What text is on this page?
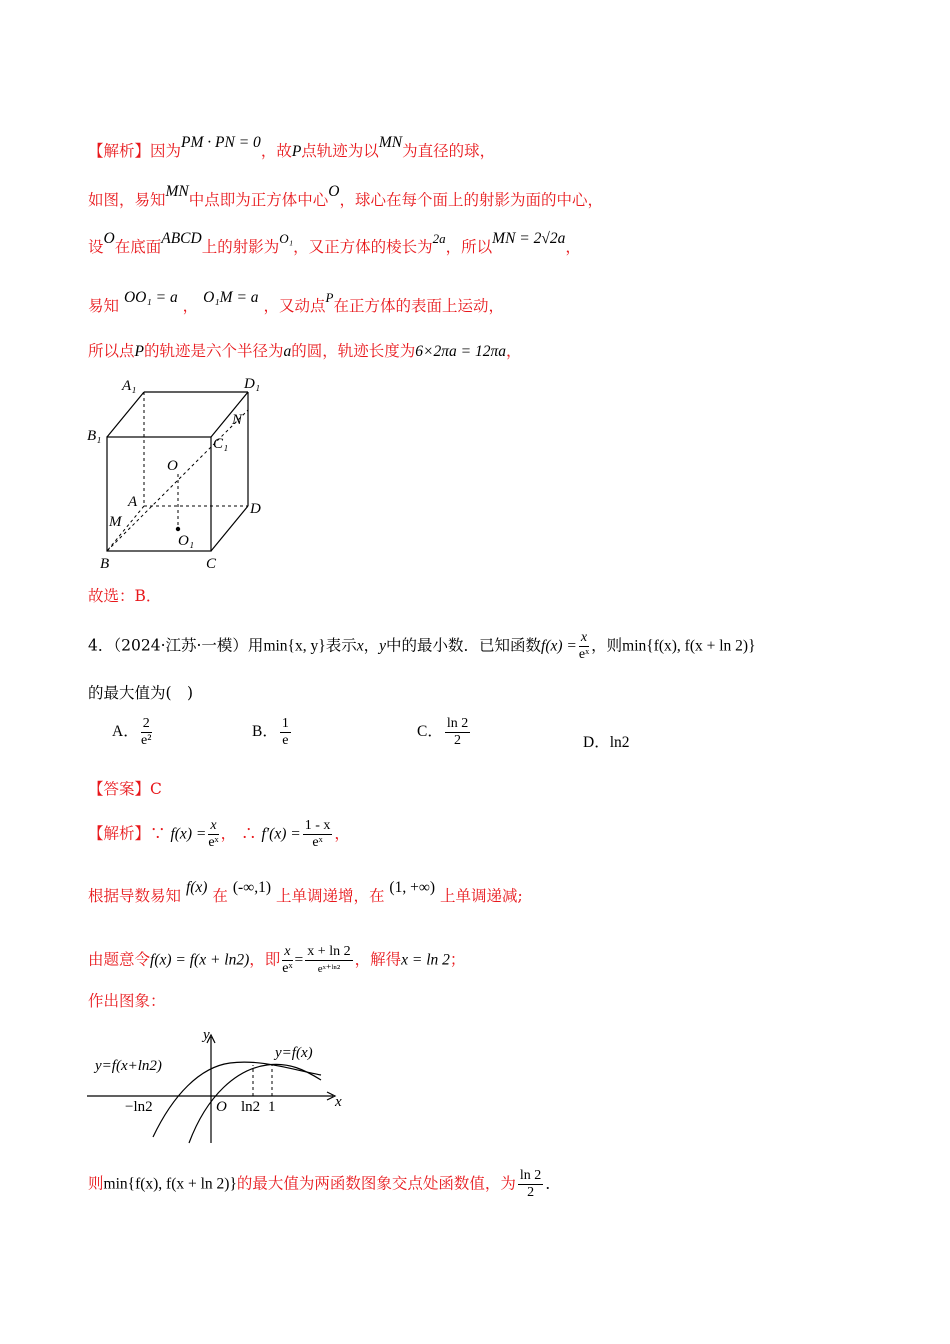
【解析】因为PM · PN = 0，故P点轨迹为以MN为直径的球，
如图，易知MN中点即为正方体中心O，球心在每个面上的射影为面的中心，
设O在底面ABCD上的射影为$^{O_1}$，又正方体的棱长为$^{2a}$，所以MN = 2√2a，
易知 OO₁ = a ， O₁M = a ，又动点$^P$在正方体的表面上运动，
所以点P的轨迹是六个半径为a的圆，轨迹长度为6×2πa = 12πa，
A₁	D₁
B₁	C₁
N
O
A	D
M
O₁
B	C
故选：B．
4．（2024·江苏·一模）用min{x, y}表示x，y中的最小数．已知函数$f(x) = \frac{x}{\text{eˣ}}$ ，则min{f(x), f(x + ln 2)}
的最大值为(　)
A． $\frac{2}{\text{e²}}$	B． $\frac{1}{e}$	C． $\frac{\ln 2}{2}$	D．ln2
【答案】C
【解析】∵ $f(x) = \frac{x}{\text{eˣ}}$ ， ∴ $f'(x) = \frac{1 - x}{\text{eˣ}}$ ，
根据导数易知 f(x) 在 (-∞,1) 上单调递增，在 (1, +∞) 上单调递减;
由题意令f(x) = f(x + ln2)，即 $\frac{x}{\text{eˣ}} = \frac{x + \ln 2}{\text{eˣ⁺ˡⁿ²}}$ ，解得x = ln 2；
作出图象：
y
x
y=f(x+ln2)
y=f(x)
−ln2	O ln2 1
则min{f(x), f(x + ln 2)}的最大值为两函数图象交点处函数值，为 $\frac{\ln 2}{2}$ ．
